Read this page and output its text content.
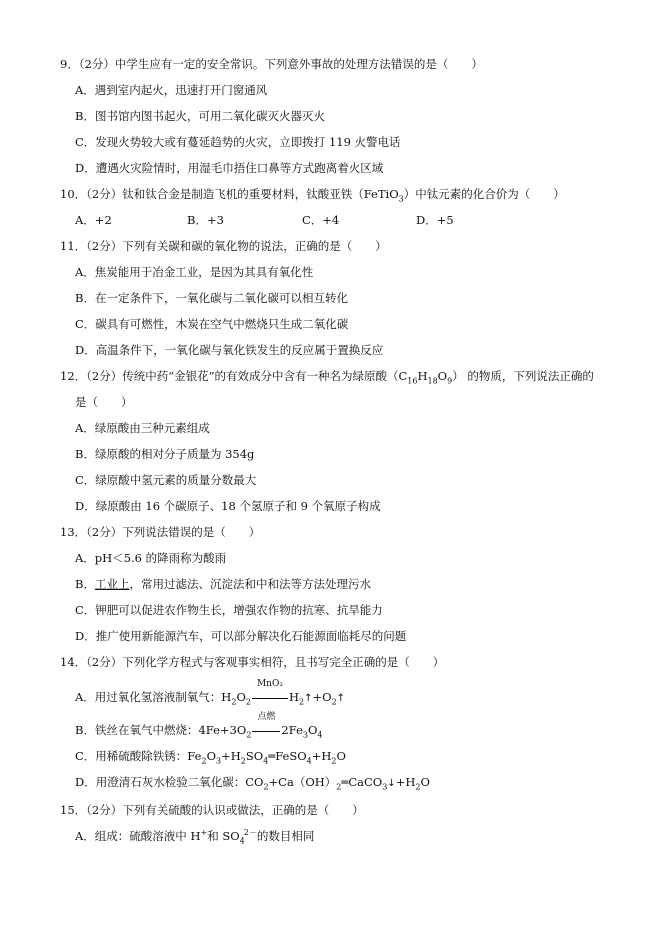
9．（2分）中学生应有一定的安全常识。下列意外事故的处理方法错误的是（　　）
A．遇到室内起火，迅速打开门窗通风
B．图书馆内图书起火，可用二氧化碳灭火器灭火
C．发现火势较大或有蔓延趋势的火灾，立即拨打 119 火警电话
D．遭遇火灾险情时，用湿毛巾捂住口鼻等方式跑离着火区域
10．（2分）钛和钛合金是制造飞机的重要材料，钛酸亚铁（FeTiO$_3$）中钛元素的化合价为（　　）
A．+2	B．+3	C．+4	D．+5
11．（2分）下列有关碳和碳的氧化物的说法，正确的是（　　）
A．焦炭能用于冶金工业，是因为其具有氧化性
B．在一定条件下，一氧化碳与二氧化碳可以相互转化
C．碳具有可燃性，木炭在空气中燃烧只生成二氧化碳
D．高温条件下，一氧化碳与氧化铁发生的反应属于置换反应
12．（2分）传统中药“金银花”的有效成分中含有一种名为绿原酸$(C_{16}H_{18}O_9)$ 的物质，下列说法正确的
是（　　）
A．绿原酸由三种元素组成
B．绿原酸的相对分子质量为 354g
C．绿原酸中氢元素的质量分数最大
D．绿原酸由 16 个碳原子、18 个氢原子和 9 个氧原子构成
13．（2分）下列说法错误的是（　　）
A．pH＜5.6 的降雨称为酸雨
B．工业上，常用过滤法、沉淀法和中和法等方法处理污水
C．钾肥可以促进农作物生长，增强农作物的抗寒、抗旱能力
D．推广使用新能源汽车，可以部分解决化石能源面临耗尽的问题
14．（2分）下列化学方程式与客观事实相符，且书写完全正确的是（　　）
A．用过氧化氢溶液制氧气：$H_2O_2$
MnO₂
$H_2↑+O_2↑$
B．铁丝在氧气中燃烧：$4Fe+3O_2$
点燃
$2Fe_3O_4$
C．用稀硫酸除铁锈：$Fe_2O_3+H_2SO_4═FeSO_4+H_2O$
D．用澄清石灰水检验二氧化碳：$CO_2+Ca(OH)_2═CaCO_3↓+H_2O$
15．（2分）下列有关硫酸的认识或做法，正确的是（　　）
A．组成：硫酸溶液中 H+和 $SO_4^{2-}$的数目相同
